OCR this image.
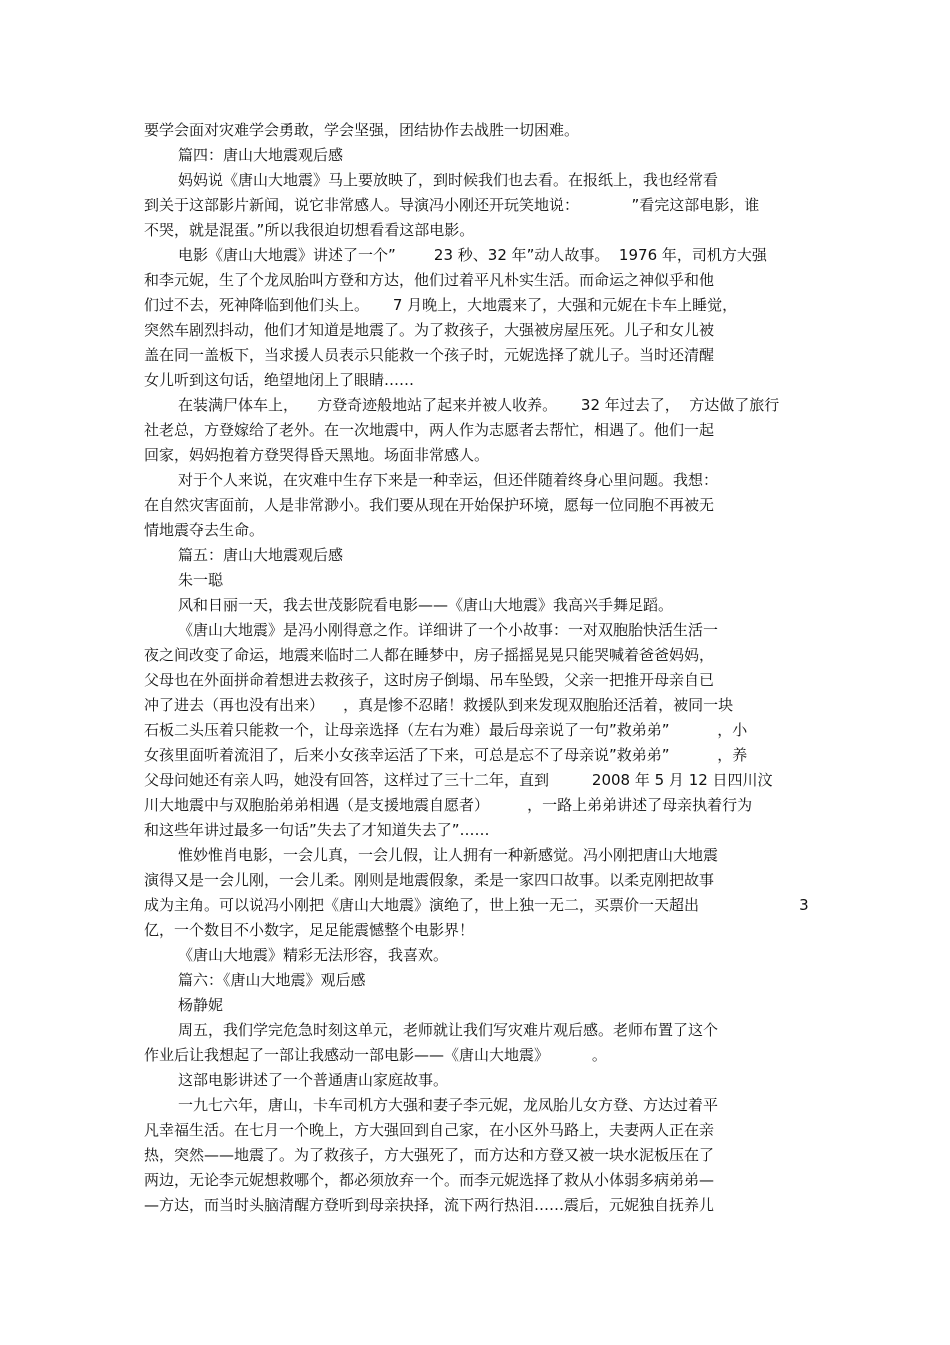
要学会面对灾难学会勇敢，学会坚强，团结协作去战胜一切困难。
篇四：唐山大地震观后感
妈妈说《唐山大地震》马上要放映了，到时候我们也去看。在报纸上，我也经常看
到关于这部影片新闻，说它非常感人。导演冯小刚还开玩笑地说：           ”看完这部电影，谁
不哭，就是混蛋。”所以我很迫切想看看这部电影。
电影《唐山大地震》讲述了一个”        23 秒、32 年”动人故事。  1976 年，司机方大强
和李元妮，生了个龙凤胎叫方登和方达，他们过着平凡朴实生活。而命运之神似乎和他
们过不去，死神降临到他们头上。     7 月晚上，大地震来了，大强和元妮在卡车上睡觉，
突然车剧烈抖动，他们才知道是地震了。为了救孩子，大强被房屋压死。儿子和女儿被
盖在同一盖板下，当求援人员表示只能救一个孩子时，元妮选择了就儿子。当时还清醒
女儿听到这句话，绝望地闭上了眼睛……
在装满尸体车上，    方登奇迹般地站了起来并被人收养。     32 年过去了，  方达做了旅行
社老总，方登嫁给了老外。在一次地震中，两人作为志愿者去帮忙，相遇了。他们一起
回家，妈妈抱着方登哭得昏天黑地。场面非常感人。
对于个人来说，在灾难中生存下来是一种幸运，但还伴随着终身心里问题。我想：
在自然灾害面前，人是非常渺小。我们要从现在开始保护环境，愿每一位同胞不再被无
情地震夺去生命。
篇五：唐山大地震观后感
朱一聪
风和日丽一天，我去世茂影院看电影——《唐山大地震》我高兴手舞足蹈。
《唐山大地震》是冯小刚得意之作。详细讲了一个小故事：一对双胞胎快活生活一
夜之间改变了命运，地震来临时二人都在睡梦中，房子摇摇晃晃只能哭喊着爸爸妈妈，
父母也在外面拼命着想进去救孩子，这时房子倒塌、吊车坠毁，父亲一把推开母亲自已
冲了进去（再也没有出来）    ，真是惨不忍睹！救援队到来发现双胞胎还活着，被同一块
石板二头压着只能救一个，让母亲选择（左右为难）最后母亲说了一句”救弟弟”          ，小
女孩里面听着流泪了，后来小女孩幸运活了下来，可总是忘不了母亲说”救弟弟”          ，养
父母问她还有亲人吗，她没有回答，这样过了三十二年，直到         2008 年 5 月 12 日四川汶
川大地震中与双胞胎弟弟相遇（是支援地震自愿者）        ，一路上弟弟讲述了母亲执着行为
和这些年讲过最多一句话”失去了才知道失去了”……
惟妙惟肖电影，一会儿真，一会儿假，让人拥有一种新感觉。冯小刚把唐山大地震
演得又是一会儿刚，一会儿柔。刚则是地震假象，柔是一家四口故事。以柔克刚把故事
成为主角。可以说冯小刚把《唐山大地震》演绝了，世上独一无二，买票价一天超出                     3
亿，一个数目不小数字，足足能震憾整个电影界！
《唐山大地震》精彩无法形容，我喜欢。
篇六：《唐山大地震》观后感
杨静妮
周五，我们学完危急时刻这单元，老师就让我们写灾难片观后感。老师布置了这个
作业后让我想起了一部让我感动一部电影——《唐山大地震》         。
这部电影讲述了一个普通唐山家庭故事。
一九七六年，唐山，卡车司机方大强和妻子李元妮，龙凤胎儿女方登、方达过着平
凡幸福生活。在七月一个晚上，方大强回到自己家，在小区外马路上，夫妻两人正在亲
热，突然——地震了。为了救孩子，方大强死了，而方达和方登又被一块水泥板压在了
两边，无论李元妮想救哪个，都必须放弃一个。而李元妮选择了救从小体弱多病弟弟—
—方达，而当时头脑清醒方登听到母亲抉择，流下两行热泪……震后，元妮独自抚养儿
